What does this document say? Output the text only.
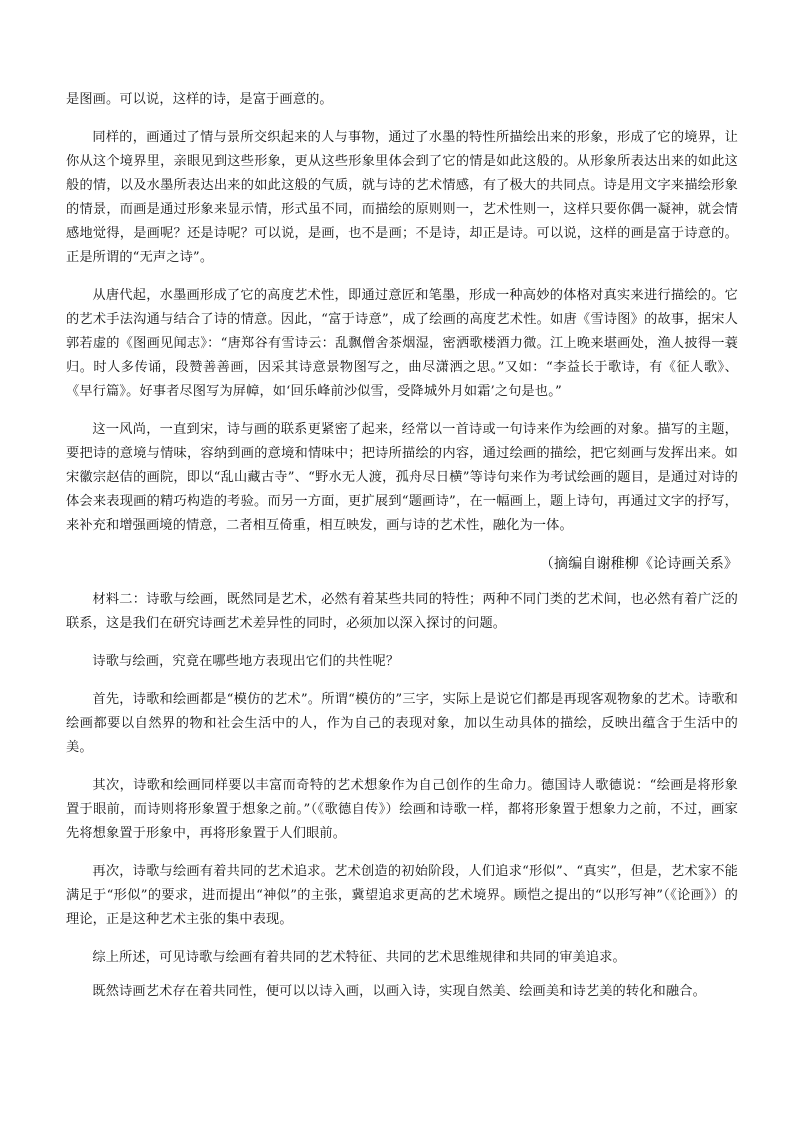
是图画。可以说，这样的诗，是富于画意的。

同样的，画通过了情与景所交织起来的人与事物，通过了水墨的特性所描绘出来的形象，形成了它的境界，让你从这个境界里，亲眼见到这些形象，更从这些形象里体会到了它的情是如此这般的。从形象所表达出来的如此这般的情，以及水墨所表达出来的如此这般的气质，就与诗的艺术情感，有了极大的共同点。诗是用文字来描绘形象的情景，而画是通过形象来显示情，形式虽不同，而描绘的原则则一，艺术性则一，这样只要你偶一凝神，就会情感地觉得，是画呢？还是诗呢？可以说，是画，也不是画；不是诗，却正是诗。可以说，这样的画是富于诗意的。正是所谓的“无声之诗”。

从唐代起，水墨画形成了它的高度艺术性，即通过意匠和笔墨，形成一种高妙的体格对真实来进行描绘的。它的艺术手法沟通与结合了诗的情意。因此，“富于诗意”，成了绘画的高度艺术性。如唐《雪诗图》的故事，据宋人郭若虚的《图画见闻志》：“唐郑谷有雪诗云：乱飘僧舍茶烟湿，密洒歌楼酒力微。江上晚来堪画处，渔人披得一蓑归。时人多传诵，段赞善善画，因采其诗意景物图写之，曲尽潇洒之思。”又如：“李益长于歌诗，有《征人歌》、《早行篇》。好事者尽图写为屏幛，如‘回乐峰前沙似雪，受降城外月如霜’之句是也。”

这一风尚，一直到宋，诗与画的联系更紧密了起来，经常以一首诗或一句诗来作为绘画的对象。描写的主题，要把诗的意境与情味，容纳到画的意境和情味中；把诗所描绘的内容，通过绘画的描绘，把它刻画与发挥出来。如宋徽宗赵佶的画院，即以“乱山藏古寺”、“野水无人渡，孤舟尽日横”等诗句来作为考试绘画的题目，是通过对诗的体会来表现画的精巧构造的考验。而另一方面，更扩展到“题画诗”，在一幅画上，题上诗句，再通过文字的抒写，来补充和增强画境的情意，二者相互倚重，相互映发，画与诗的艺术性，融化为一体。

（摘编自谢稚柳《论诗画关系》

材料二：诗歌与绘画，既然同是艺术，必然有着某些共同的特性；两种不同门类的艺术间，也必然有着广泛的联系，这是我们在研究诗画艺术差异性的同时，必须加以深入探讨的问题。

诗歌与绘画，究竟在哪些地方表现出它们的共性呢？

首先，诗歌和绘画都是“模仿的艺术”。所谓“模仿的”三字，实际上是说它们都是再现客观物象的艺术。诗歌和绘画都要以自然界的物和社会生活中的人，作为自己的表现对象，加以生动具体的描绘，反映出蕴含于生活中的美。

其次，诗歌和绘画同样要以丰富而奇特的艺术想象作为自己创作的生命力。德国诗人歌德说：“绘画是将形象置于眼前，而诗则将形象置于想象之前。”（《歌德自传》）绘画和诗歌一样，都将形象置于想象力之前，不过，画家先将想象置于形象中，再将形象置于人们眼前。

再次，诗歌与绘画有着共同的艺术追求。艺术创造的初始阶段，人们追求“形似”、“真实”，但是，艺术家不能满足于“形似”的要求，进而提出“神似”的主张，冀望追求更高的艺术境界。顾恺之提出的“以形写神”（《论画》）的理论，正是这种艺术主张的集中表现。

综上所述，可见诗歌与绘画有着共同的艺术特征、共同的艺术思维规律和共同的审美追求。

既然诗画艺术存在着共同性，便可以以诗入画，以画入诗，实现自然美、绘画美和诗艺美的转化和融合。
